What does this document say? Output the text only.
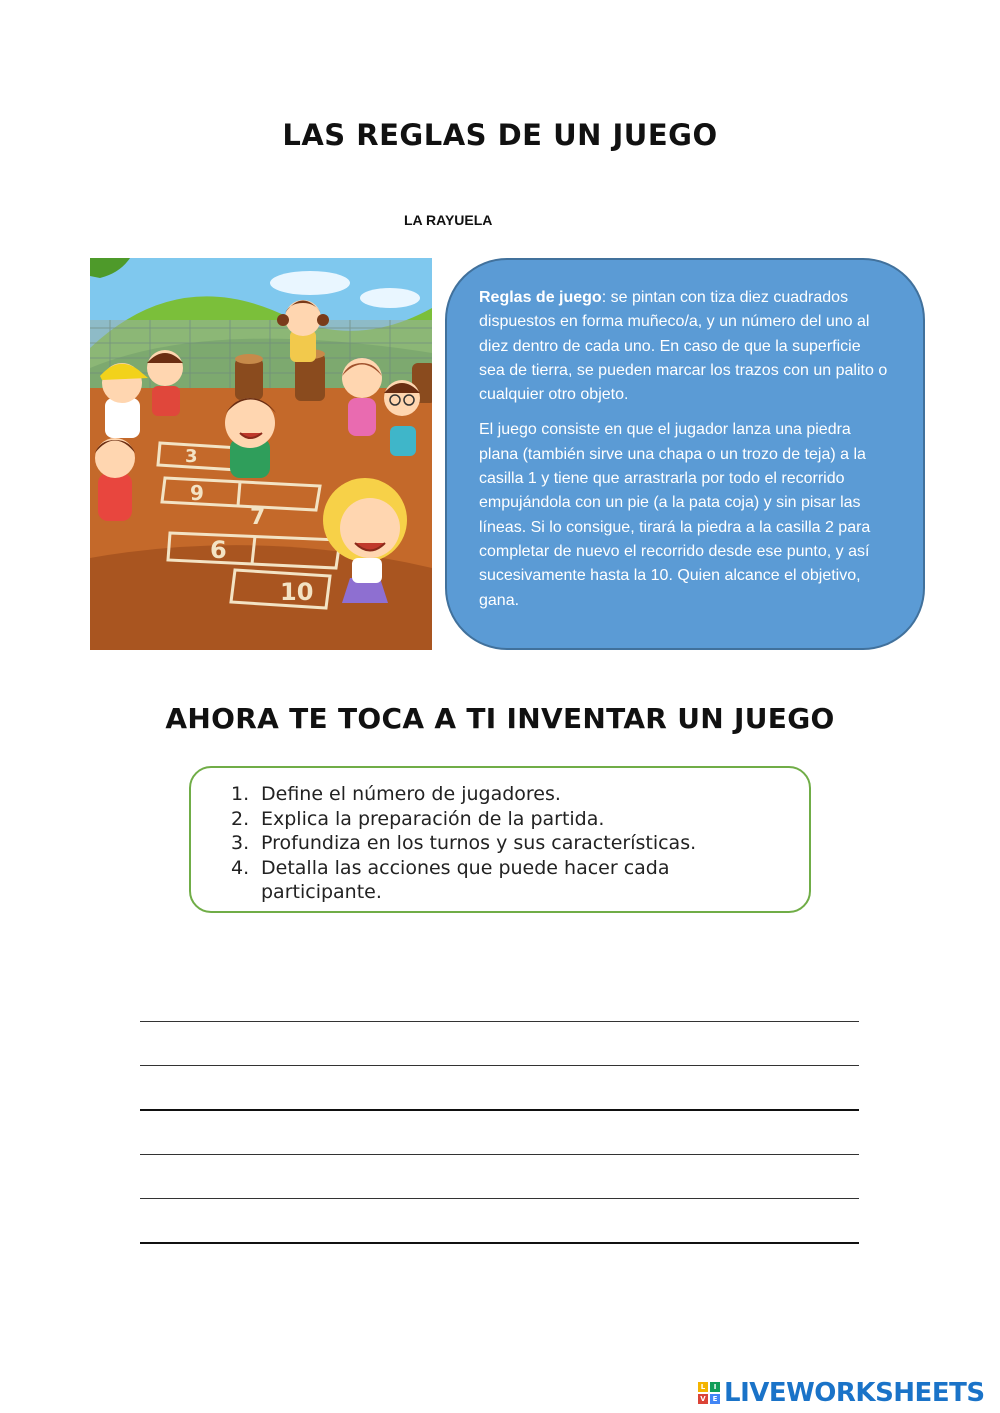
LAS REGLAS DE UN JUEGO
LA RAYUELA
3
6
7
9
10

Reglas de juego: se pintan con tiza diez cuadrados dispuestos en forma muñeco/a, y un número del uno al diez dentro de cada uno. En caso de que la superficie sea de tierra, se pueden marcar los trazos con un palito o cualquier otro objeto.

El juego consiste en que el jugador lanza una piedra plana (también sirve una chapa o un trozo de teja) a la casilla 1 y tiene que arrastrarla por todo el recorrido empujándola con un pie (a la pata coja) y sin pisar las líneas. Si lo consigue, tirará la piedra a la casilla 2 para completar de nuevo el recorrido desde ese punto, y así sucesivamente hasta la 10. Quien alcance el objetivo, gana.

AHORA TE TOCA A TI INVENTAR UN JUEGO
1. Define el número de jugadores.
2. Explica la preparación de la partida.
3. Profundiza en los turnos y sus características.
4. Detalla las acciones que puede hacer cada participante.
L	I
V E LIVEWORKSHEETS
